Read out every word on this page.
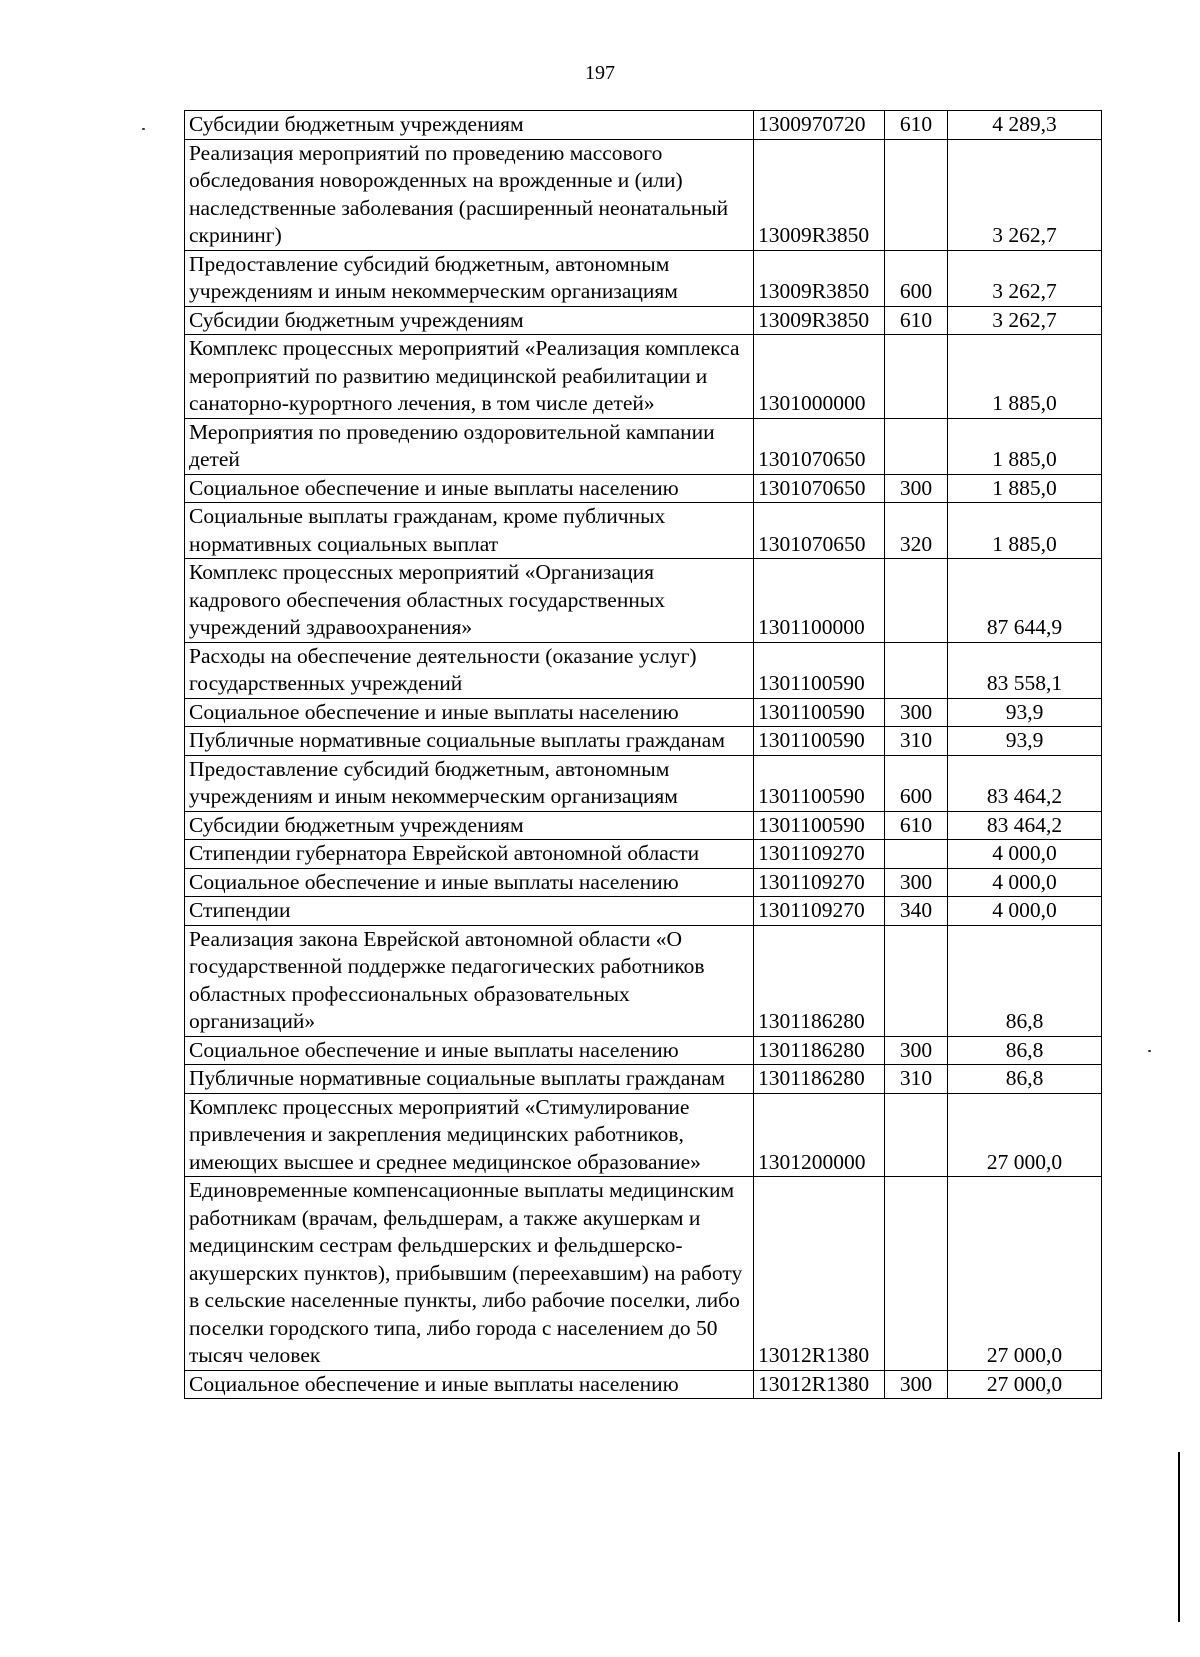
197
Субсидии бюджетным учреждениям	1300970720	610	4 289,3
Реализация мероприятий по проведению массового обследования новорожденных на врожденные и (или) наследственные заболевания (расширенный неонатальный скрининг)	13009R3850		3 262,7
Предоставление субсидий бюджетным, автономным учреждениям и иным некоммерческим организациям	13009R3850	600	3 262,7
Субсидии бюджетным учреждениям	13009R3850	610	3 262,7
Комплекс процессных мероприятий «Реализация комплекса мероприятий по развитию медицинской реабилитации и санаторно-курортного лечения, в том числе детей»	1301000000		1 885,0
Мероприятия по проведению оздоровительной кампании детей	1301070650		1 885,0
Социальное обеспечение и иные выплаты населению	1301070650	300	1 885,0
Социальные выплаты гражданам, кроме публичных нормативных социальных выплат	1301070650	320	1 885,0
Комплекс процессных мероприятий «Организация кадрового обеспечения областных государственных учреждений здравоохранения»	1301100000		87 644,9
Расходы на обеспечение деятельности (оказание услуг) государственных учреждений	1301100590		83 558,1
Социальное обеспечение и иные выплаты населению	1301100590	300	93,9
Публичные нормативные социальные выплаты гражданам	1301100590	310	93,9
Предоставление субсидий бюджетным, автономным учреждениям и иным некоммерческим организациям	1301100590	600	83 464,2
Субсидии бюджетным учреждениям	1301100590	610	83 464,2
Стипендии губернатора Еврейской автономной области	1301109270		4 000,0
Социальное обеспечение и иные выплаты населению	1301109270	300	4 000,0
Стипендии	1301109270	340	4 000,0
Реализация закона Еврейской автономной области «О государственной поддержке педагогических работников областных профессиональных образовательных организаций»	1301186280		86,8
Социальное обеспечение и иные выплаты населению	1301186280	300	86,8
Публичные нормативные социальные выплаты гражданам	1301186280	310	86,8
Комплекс процессных мероприятий «Стимулирование привлечения и закрепления медицинских работников, имеющих высшее и среднее медицинское образование»	1301200000		27 000,0
Единовременные компенсационные выплаты медицинским работникам (врачам, фельдшерам, а также акушеркам и медицинским сестрам фельдшерских и фельдшерско-акушерских пунктов), прибывшим (переехавшим) на работу в сельские населенные пункты, либо рабочие поселки, либо поселки городского типа, либо города с населением до 50 тысяч человек	13012R1380		27 000,0
Социальное обеспечение и иные выплаты населению	13012R1380	300	27 000,0
